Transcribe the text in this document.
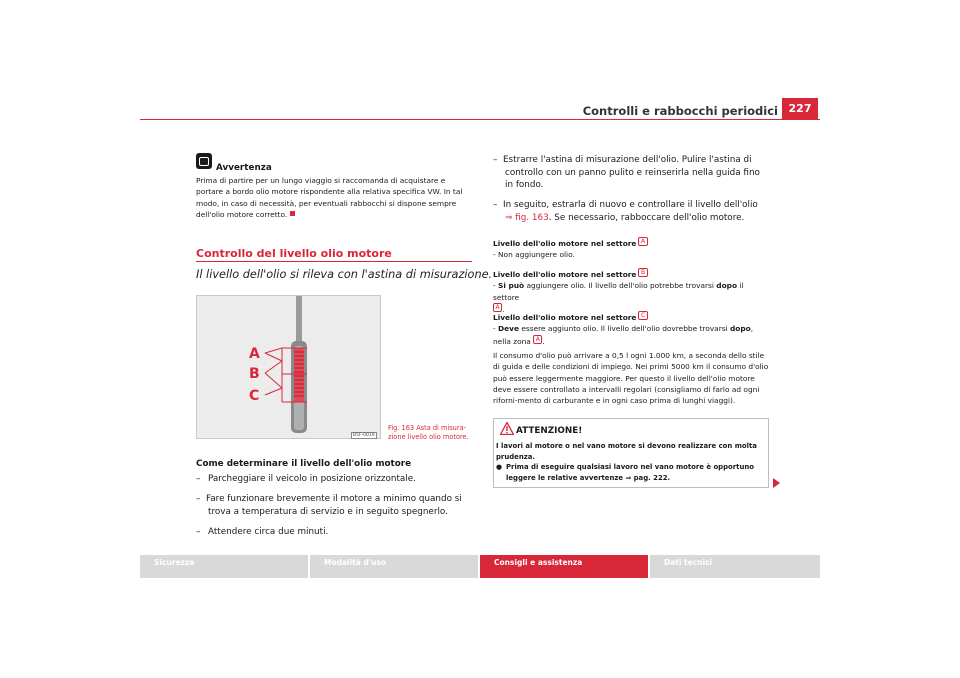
Controlli e rabbocchi periodici 227
Avvertenza
Prima di partire per un lungo viaggio si raccomanda di acquistare e portare a bordo olio motore rispondente alla relativa specifica VW. In tal modo, in caso di necessità, per eventuali rabbocchi si dispone sempre dell'olio motore corretto.
Controllo del livello olio motore
Il livello dell'olio si rileva con l'astina di misurazione.
A
B
C
B5F-0019
Fig. 163 Asta di misura-zione livello olio motore.
Come determinare il livello dell'olio motore
– Parcheggiare il veicolo in posizione orizzontale.
–  Fare funzionare brevemente il motore a minimo quando si trova a temperatura di servizio e in seguito spegnerlo.
– Attendere circa due minuti.
–  Estrarre l'astina di misurazione dell'olio. Pulire l'astina di controllo con un panno pulito e reinserirla nella guida fino in fondo.
–  In seguito, estrarla di nuovo e controllare il livello dell'olio
⇒ fig. 163. Se necessario, rabboccare dell'olio motore.
Livello dell'olio motore nel settore A
- Non aggiungere olio.
Livello dell'olio motore nel settore B
- Si può aggiungere olio. Il livello dell'olio potrebbe trovarsi dopo il settore
A .
Livello dell'olio motore nel settore C
- Deve essere aggiunto olio. Il livello dell'olio dovrebbe trovarsi dopo, nella zona A .
Il consumo d'olio può arrivare a 0,5 l ogni 1.000 km, a seconda dello stile di guida e delle condizioni di impiego. Nei primi 5000 km il consumo d'olio può essere leggermente maggiore. Per questo il livello dell'olio motore deve essere controllato a intervalli regolari (consigliamo di farlo ad ogni riforni-mento di carburante e in ogni caso prima di lunghi viaggi).
ATTENZIONE!
I lavori al motore o nel vano motore si devono realizzare con molta prudenza.
● Prima di eseguire qualsiasi lavoro nel vano motore è opportuno leggere le relative avvertenze ⇒ pag. 222.
Sicurezza	Modalità d'uso	Consigli e assistenza	Dati tecnici
